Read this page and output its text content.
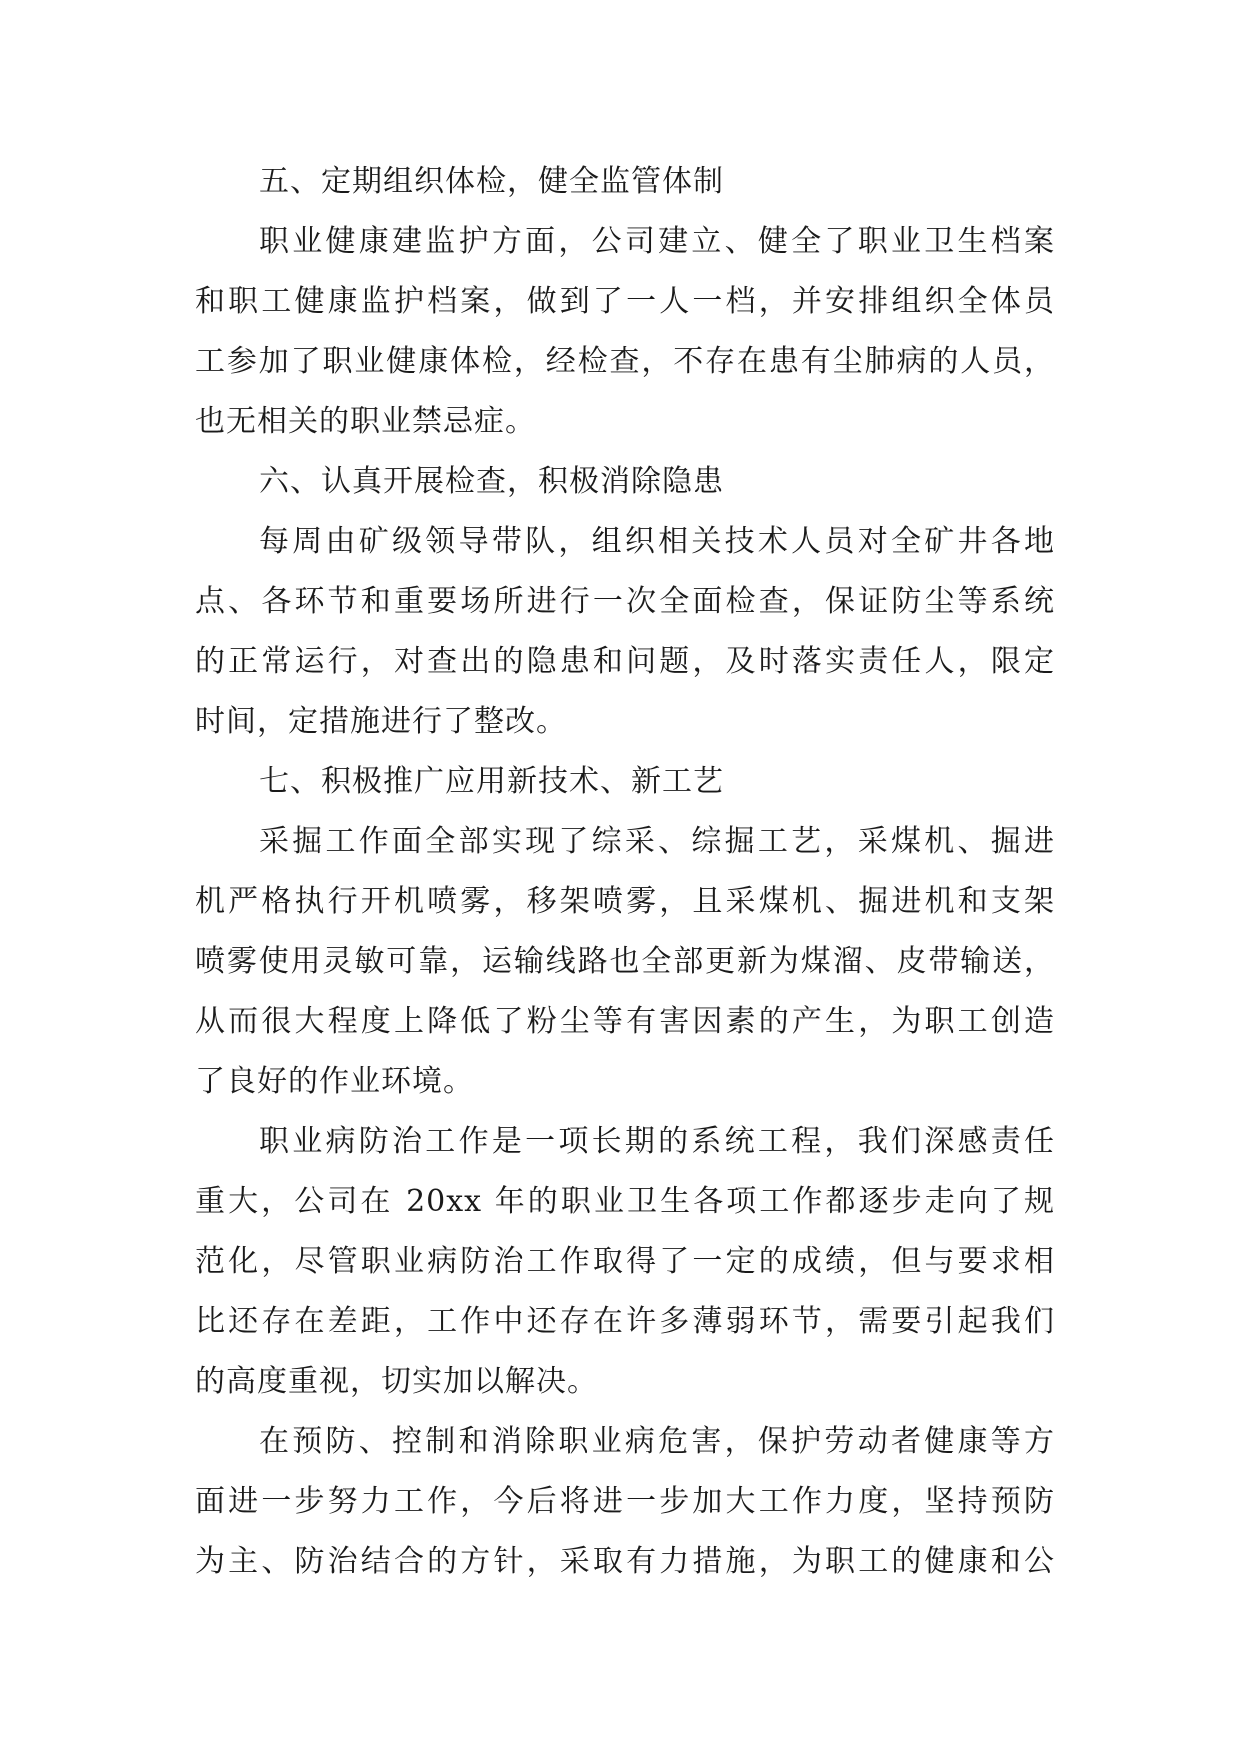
五、定期组织体检，健全监管体制

职业健康建监护方面，公司建立、健全了职业卫生档案
和职工健康监护档案，做到了一人一档，并安排组织全体员
工参加了职业健康体检，经检查，不存在患有尘肺病的人员，
也无相关的职业禁忌症。

六、认真开展检查，积极消除隐患

每周由矿级领导带队，组织相关技术人员对全矿井各地
点、各环节和重要场所进行一次全面检查，保证防尘等系统
的正常运行，对查出的隐患和问题，及时落实责任人，限定
时间，定措施进行了整改。

七、积极推广应用新技术、新工艺

采掘工作面全部实现了综采、综掘工艺，采煤机、掘进
机严格执行开机喷雾，移架喷雾，且采煤机、掘进机和支架
喷雾使用灵敏可靠，运输线路也全部更新为煤溜、皮带输送，
从而很大程度上降低了粉尘等有害因素的产生，为职工创造
了良好的作业环境。

职业病防治工作是一项长期的系统工程，我们深感责任
重大，公司在 20xx 年的职业卫生各项工作都逐步走向了规
范化，尽管职业病防治工作取得了一定的成绩，但与要求相
比还存在差距，工作中还存在许多薄弱环节，需要引起我们
的高度重视，切实加以解决。

在预防、控制和消除职业病危害，保护劳动者健康等方
面进一步努力工作，今后将进一步加大工作力度，坚持预防
为主、防治结合的方针，采取有力措施，为职工的健康和公
